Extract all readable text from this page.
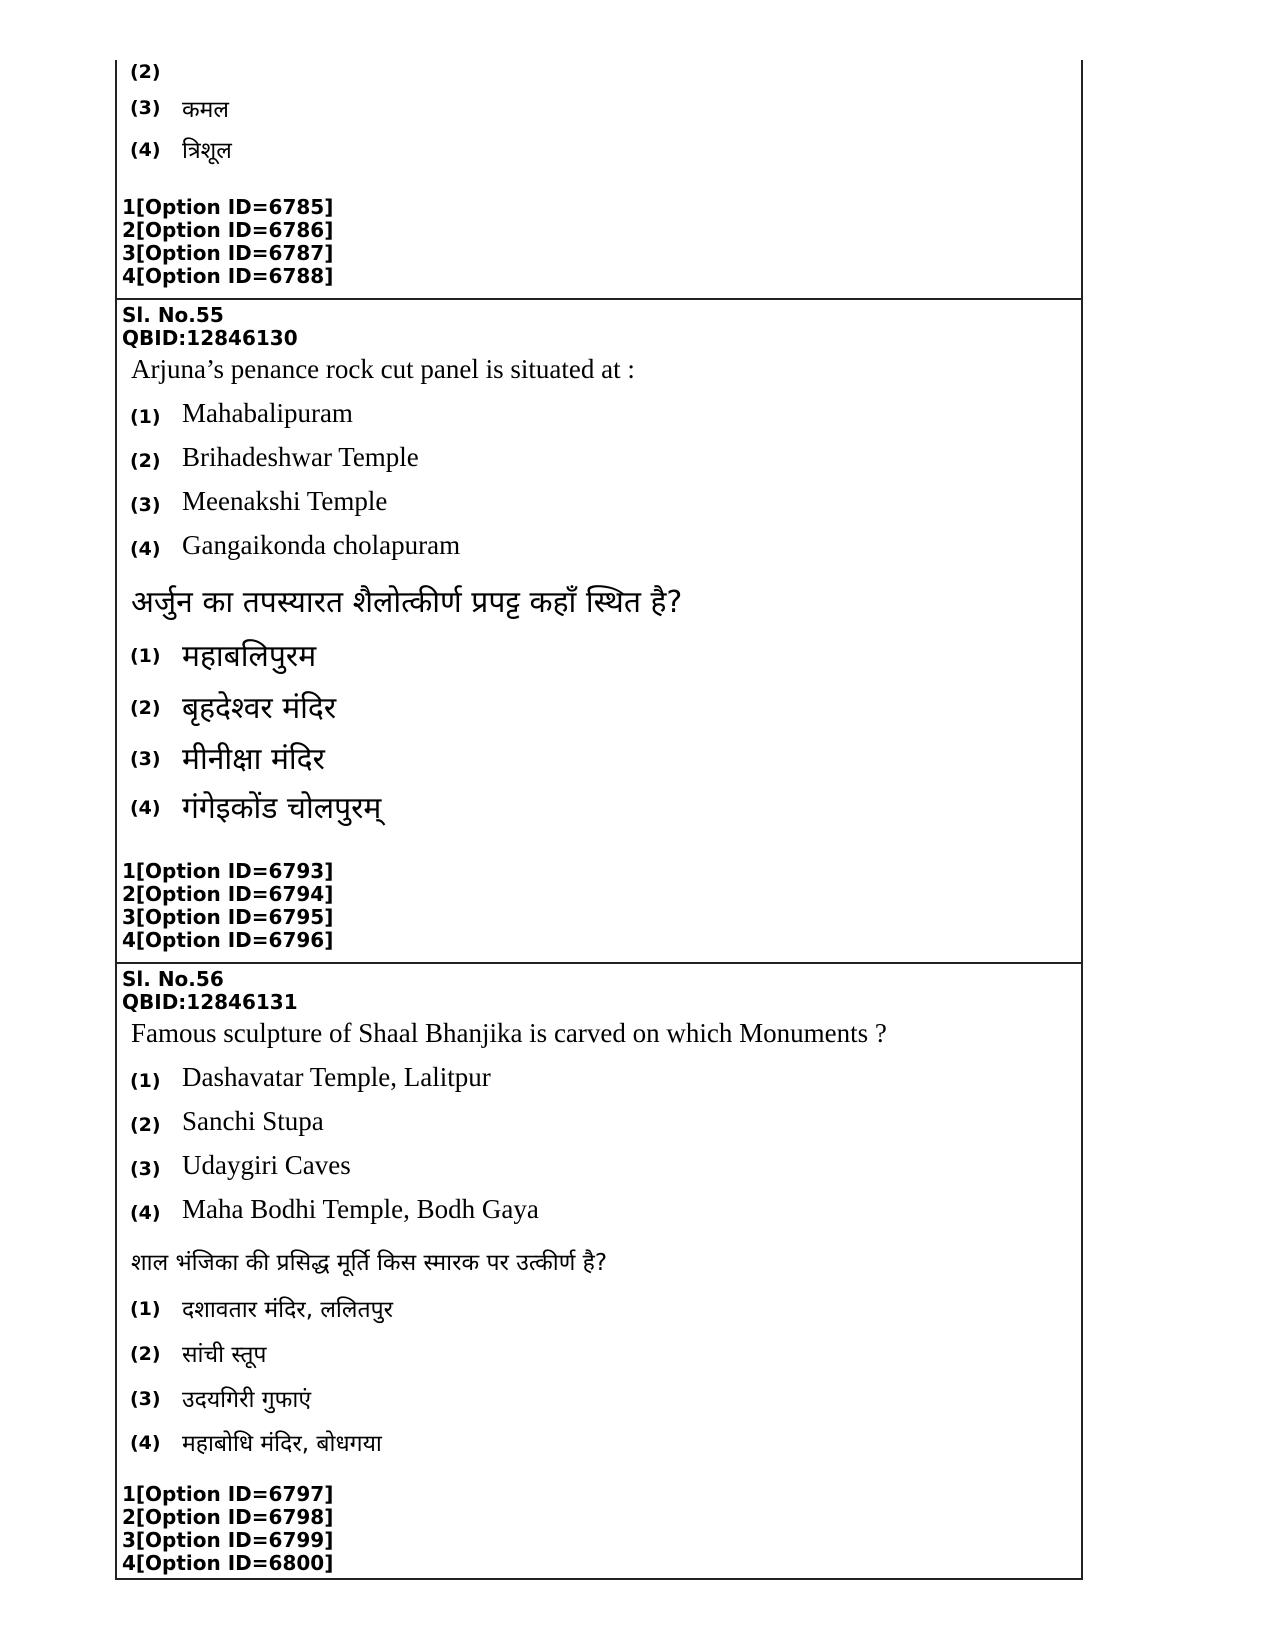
(2)
(3) कमल
(4) त्रिशूल
1[Option ID=6785]
2[Option ID=6786]
3[Option ID=6787]
4[Option ID=6788]
Sl. No.55
QBID:12846130
Arjuna’s penance rock cut panel is situated at :
(1) Mahabalipuram
(2) Brihadeshwar Temple
(3) Meenakshi Temple
(4) Gangaikonda cholapuram
अर्जुन का तपस्यारत शैलोत्कीर्ण प्रपट्ट कहाँ स्थित है?
(1) महाबलिपुरम
(2) बृहदेश्वर मंदिर
(3) मीनीक्षा मंदिर
(4) गंगेइकोंड चोलपुरम्
1[Option ID=6793]
2[Option ID=6794]
3[Option ID=6795]
4[Option ID=6796]
Sl. No.56
QBID:12846131
Famous sculpture of Shaal Bhanjika is carved on which Monuments ?
(1) Dashavatar Temple, Lalitpur
(2) Sanchi Stupa
(3) Udaygiri Caves
(4) Maha Bodhi Temple, Bodh Gaya
शाल भंजिका की प्रसिद्ध मूर्ति किस स्मारक पर उत्कीर्ण है?
(1) दशावतार मंदिर, ललितपुर
(2) सांची स्तूप
(3) उदयगिरी गुफाएं
(4) महाबोधि मंदिर, बोधगया
1[Option ID=6797]
2[Option ID=6798]
3[Option ID=6799]
4[Option ID=6800]
